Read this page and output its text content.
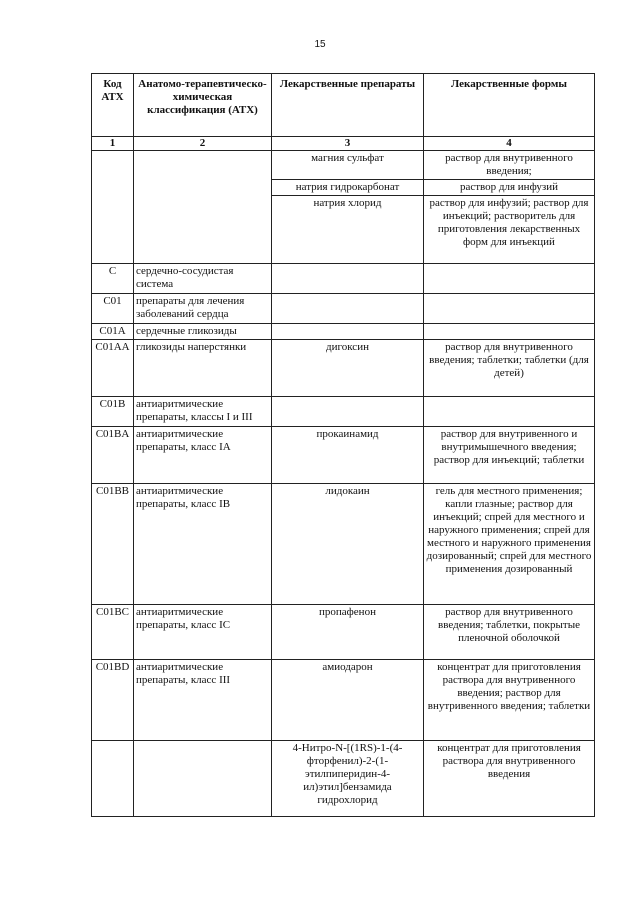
15
Код АТХ	Анатомо-терапевтическо-химическая классификация (АТХ)	Лекарственные препараты	Лекарственные формы
1	2	3	4
		магния сульфат	раствор для внутривенного введения;
		натрия гидрокарбонат	раствор для инфузий
		натрия хлорид	раствор для инфузий; раствор для инъекций; растворитель для приготовления лекарственных форм для инъекций
C	сердечно-сосудистая система		
C01	препараты для лечения заболеваний сердца		
C01A	сердечные гликозиды		
C01AA	гликозиды наперстянки	дигоксин	раствор для внутривенного введения; таблетки; таблетки (для детей)
C01B	антиаритмические препараты, классы I и III		
C01BA	антиаритмические препараты, класс IA	прокаинамид	раствор для внутривенного и внутримышечного введения; раствор для инъекций; таблетки
C01BB	антиаритмические препараты, класс IB	лидокаин	гель для местного применения; капли глазные; раствор для инъекций; спрей для местного и наружного применения; спрей для местного и наружного применения дозированный; спрей для местного применения дозированный
C01BC	антиаритмические препараты, класс IC	пропафенон	раствор для внутривенного введения; таблетки, покрытые пленочной оболочкой
C01BD	антиаритмические препараты, класс III	амиодарон	концентрат для приготовления раствора для внутривенного введения; раствор для внутривенного введения; таблетки
		4-Нитро-N-[(1RS)-1-(4-фторфенил)-2-(1-этилпиперидин-4-ил)этил]бензамида гидрохлорид	концентрат для приготовления раствора для внутривенного введения
